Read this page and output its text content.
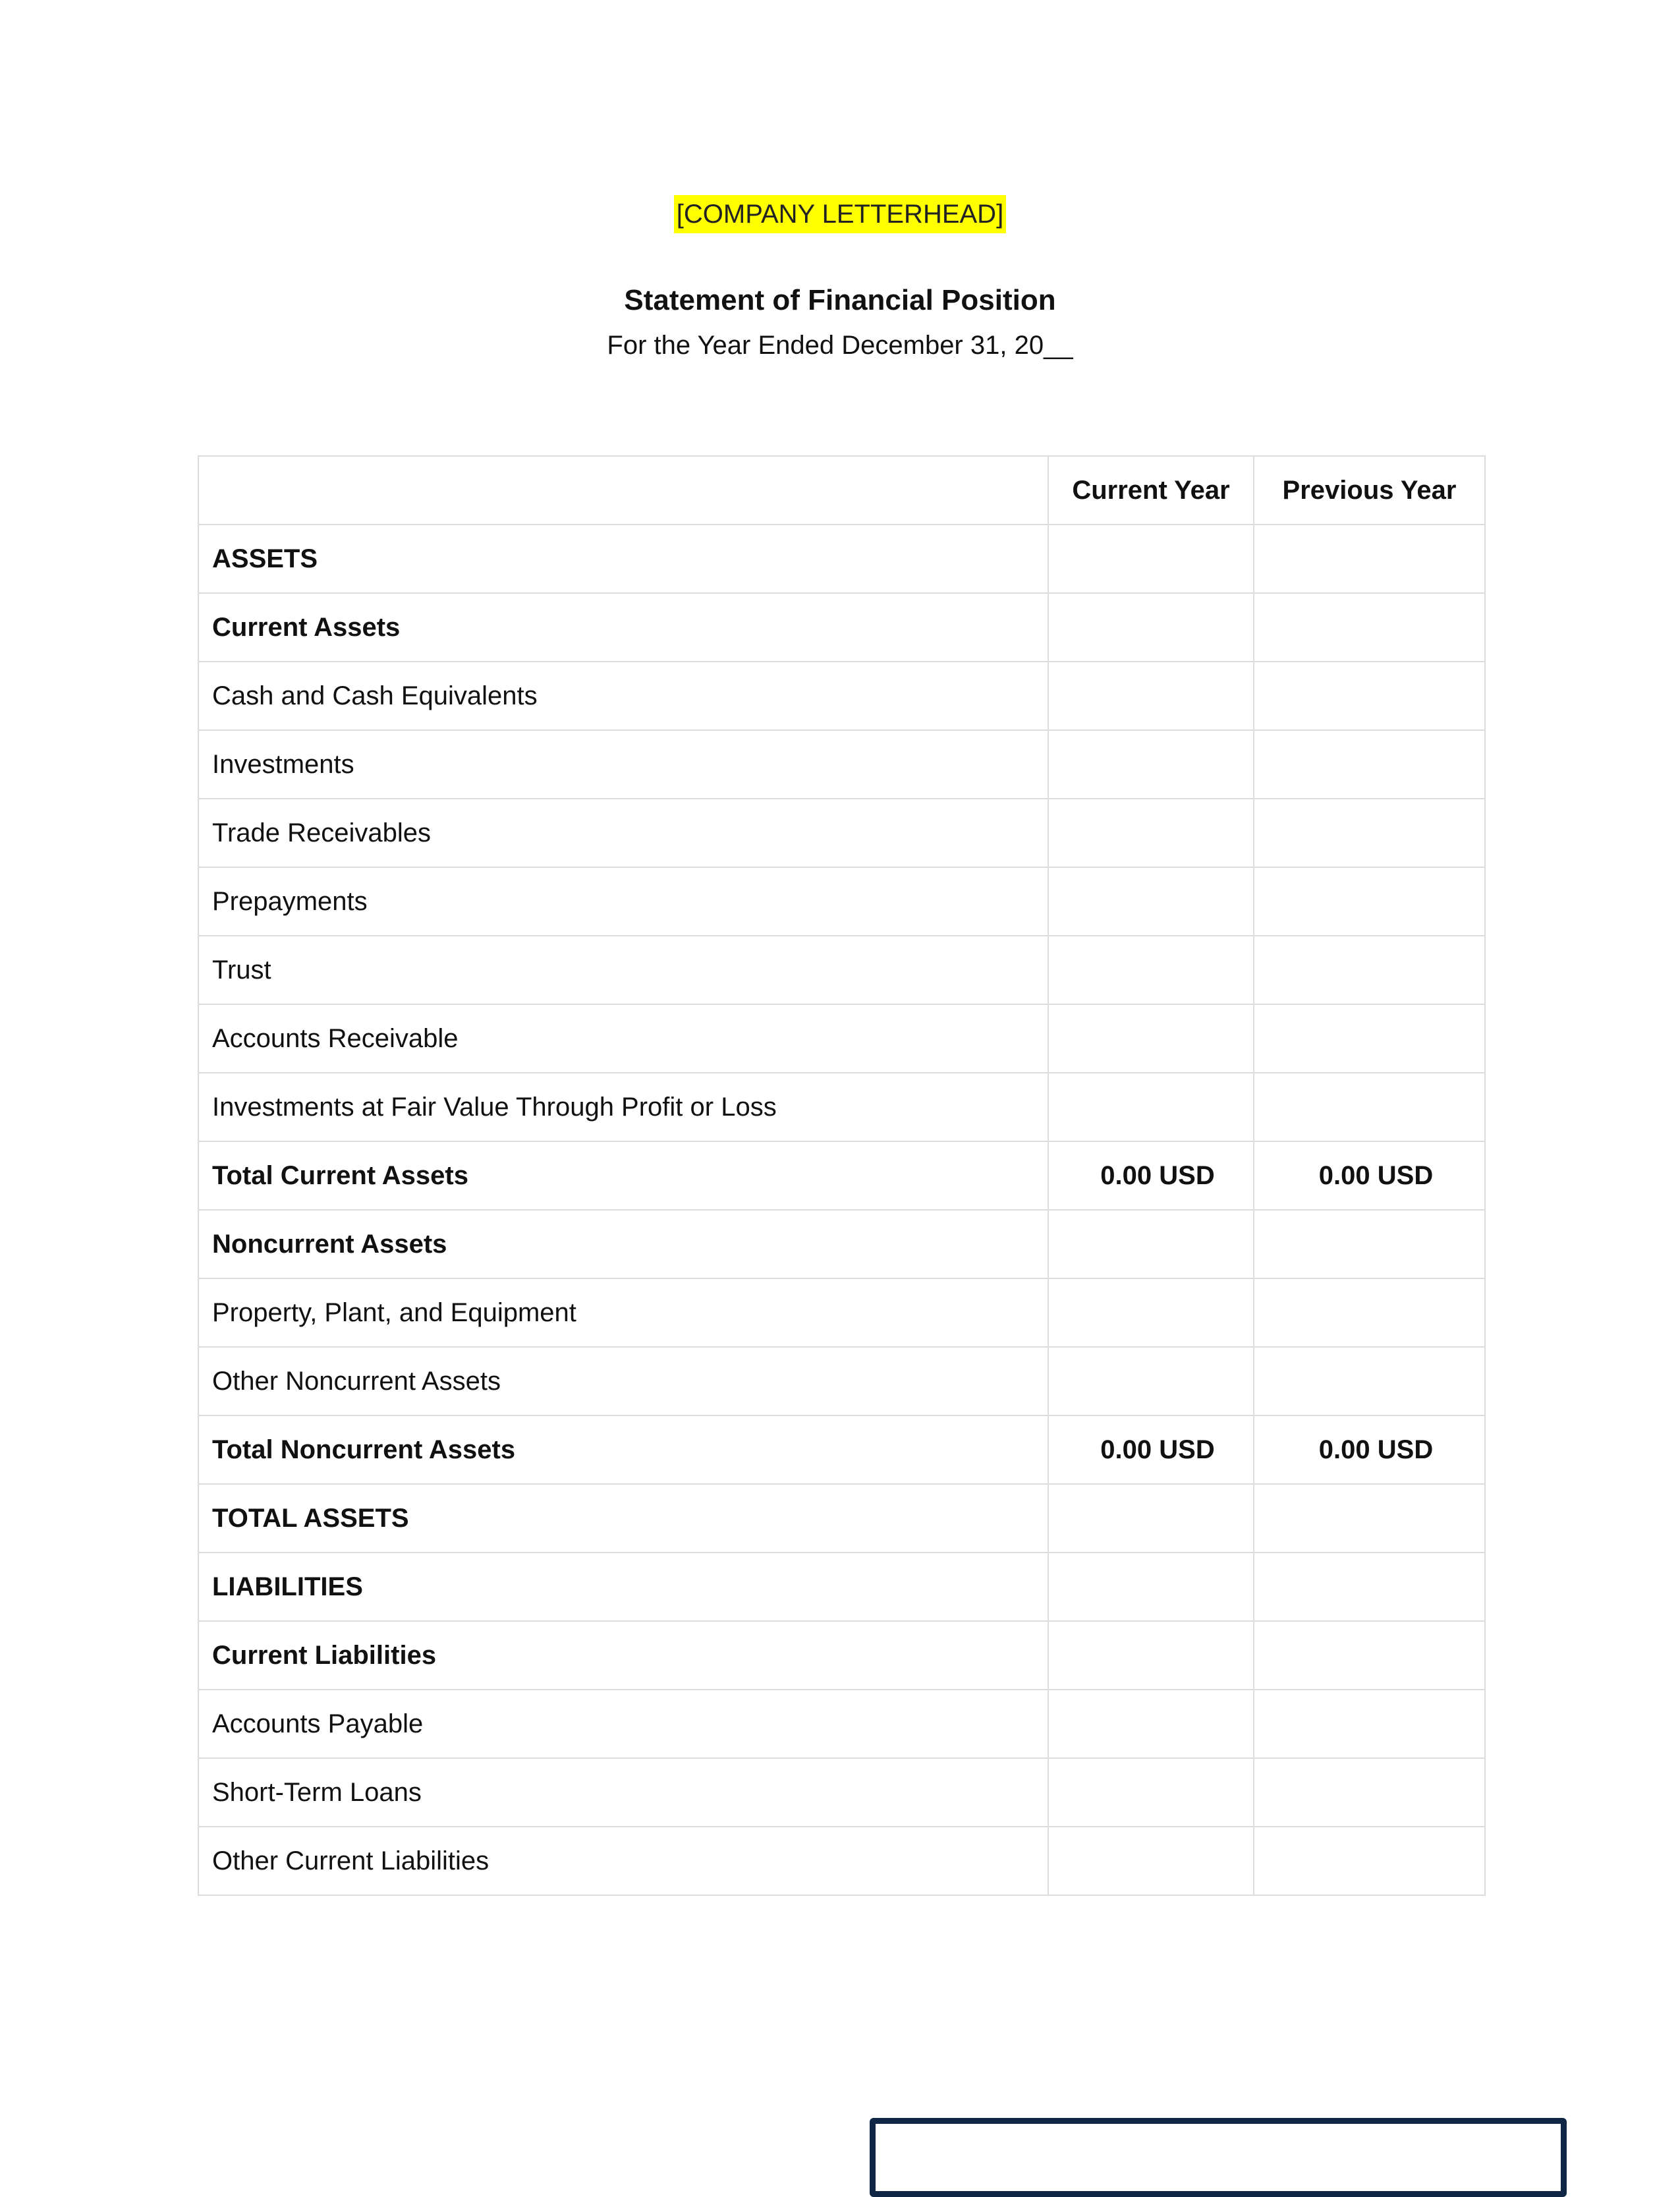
[COMPANY LETTERHEAD]
Statement of Financial Position
For the Year Ended December 31, 20__
	Current Year	Previous Year
ASSETS		
Current Assets		
Cash and Cash Equivalents		
Investments		
Trade Receivables		
Prepayments		
Trust		
Accounts Receivable		
Investments at Fair Value Through Profit or Loss		
Total Current Assets	0.00 USD	0.00 USD
Noncurrent Assets		
Property, Plant, and Equipment		
Other Noncurrent Assets		
Total Noncurrent Assets	0.00 USD	0.00 USD
TOTAL ASSETS		
LIABILITIES		
Current Liabilities		
Accounts Payable		
Short-Term Loans		
Other Current Liabilities		
